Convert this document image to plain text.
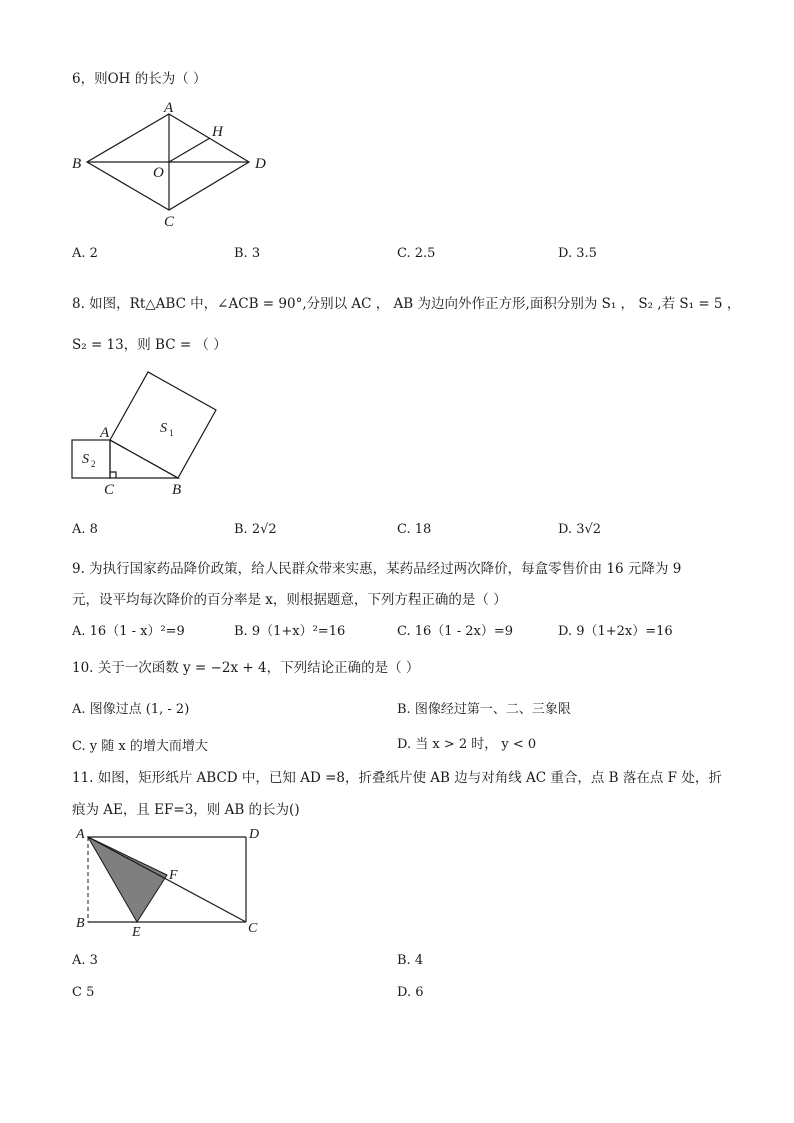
6，则OH 的长为（ ）
A
H
B
O
D
C
A. 2	B. 3	C. 2.5	D. 3.5
8. 如图，Rt△ABC 中，∠ACB = 90°,分别以 AC ， AB 为边向外作正方形,面积分别为 S₁ ， S₂ ,若 S₁ = 5 ，
S₂ = 13，则 BC = （ ）
A
C	B
S 1
S 2
A. 8	B. 2√2	C. 18	D. 3√2
9. 为执行国家药品降价政策，给人民群众带来实惠，某药品经过两次降价，每盒零售价由 16 元降为 9
元，设平均每次降价的百分率是 x，则根据题意，下列方程正确的是（ ）
A. 16（1 - x）²=9	B. 9（1+x）²=16	C. 16（1 - 2x）=9	D. 9（1+2x）=16
10. 关于一次函数 y = −2x + 4，下列结论正确的是（ ）
A. 图像过点 (1, - 2)	B. 图像经过第一、二、三象限
C. y 随 x 的增大而增大	D. 当 x > 2 时， y < 0
11. 如图，矩形纸片 ABCD 中，已知 AD =8，折叠纸片使 AB 边与对角线 AC 重合，点 B 落在点 F 处，折
痕为 AE，且 EF=3，则 AB 的长为()
A	D
F
B
E	C
A. 3	B. 4
C 5	D. 6
